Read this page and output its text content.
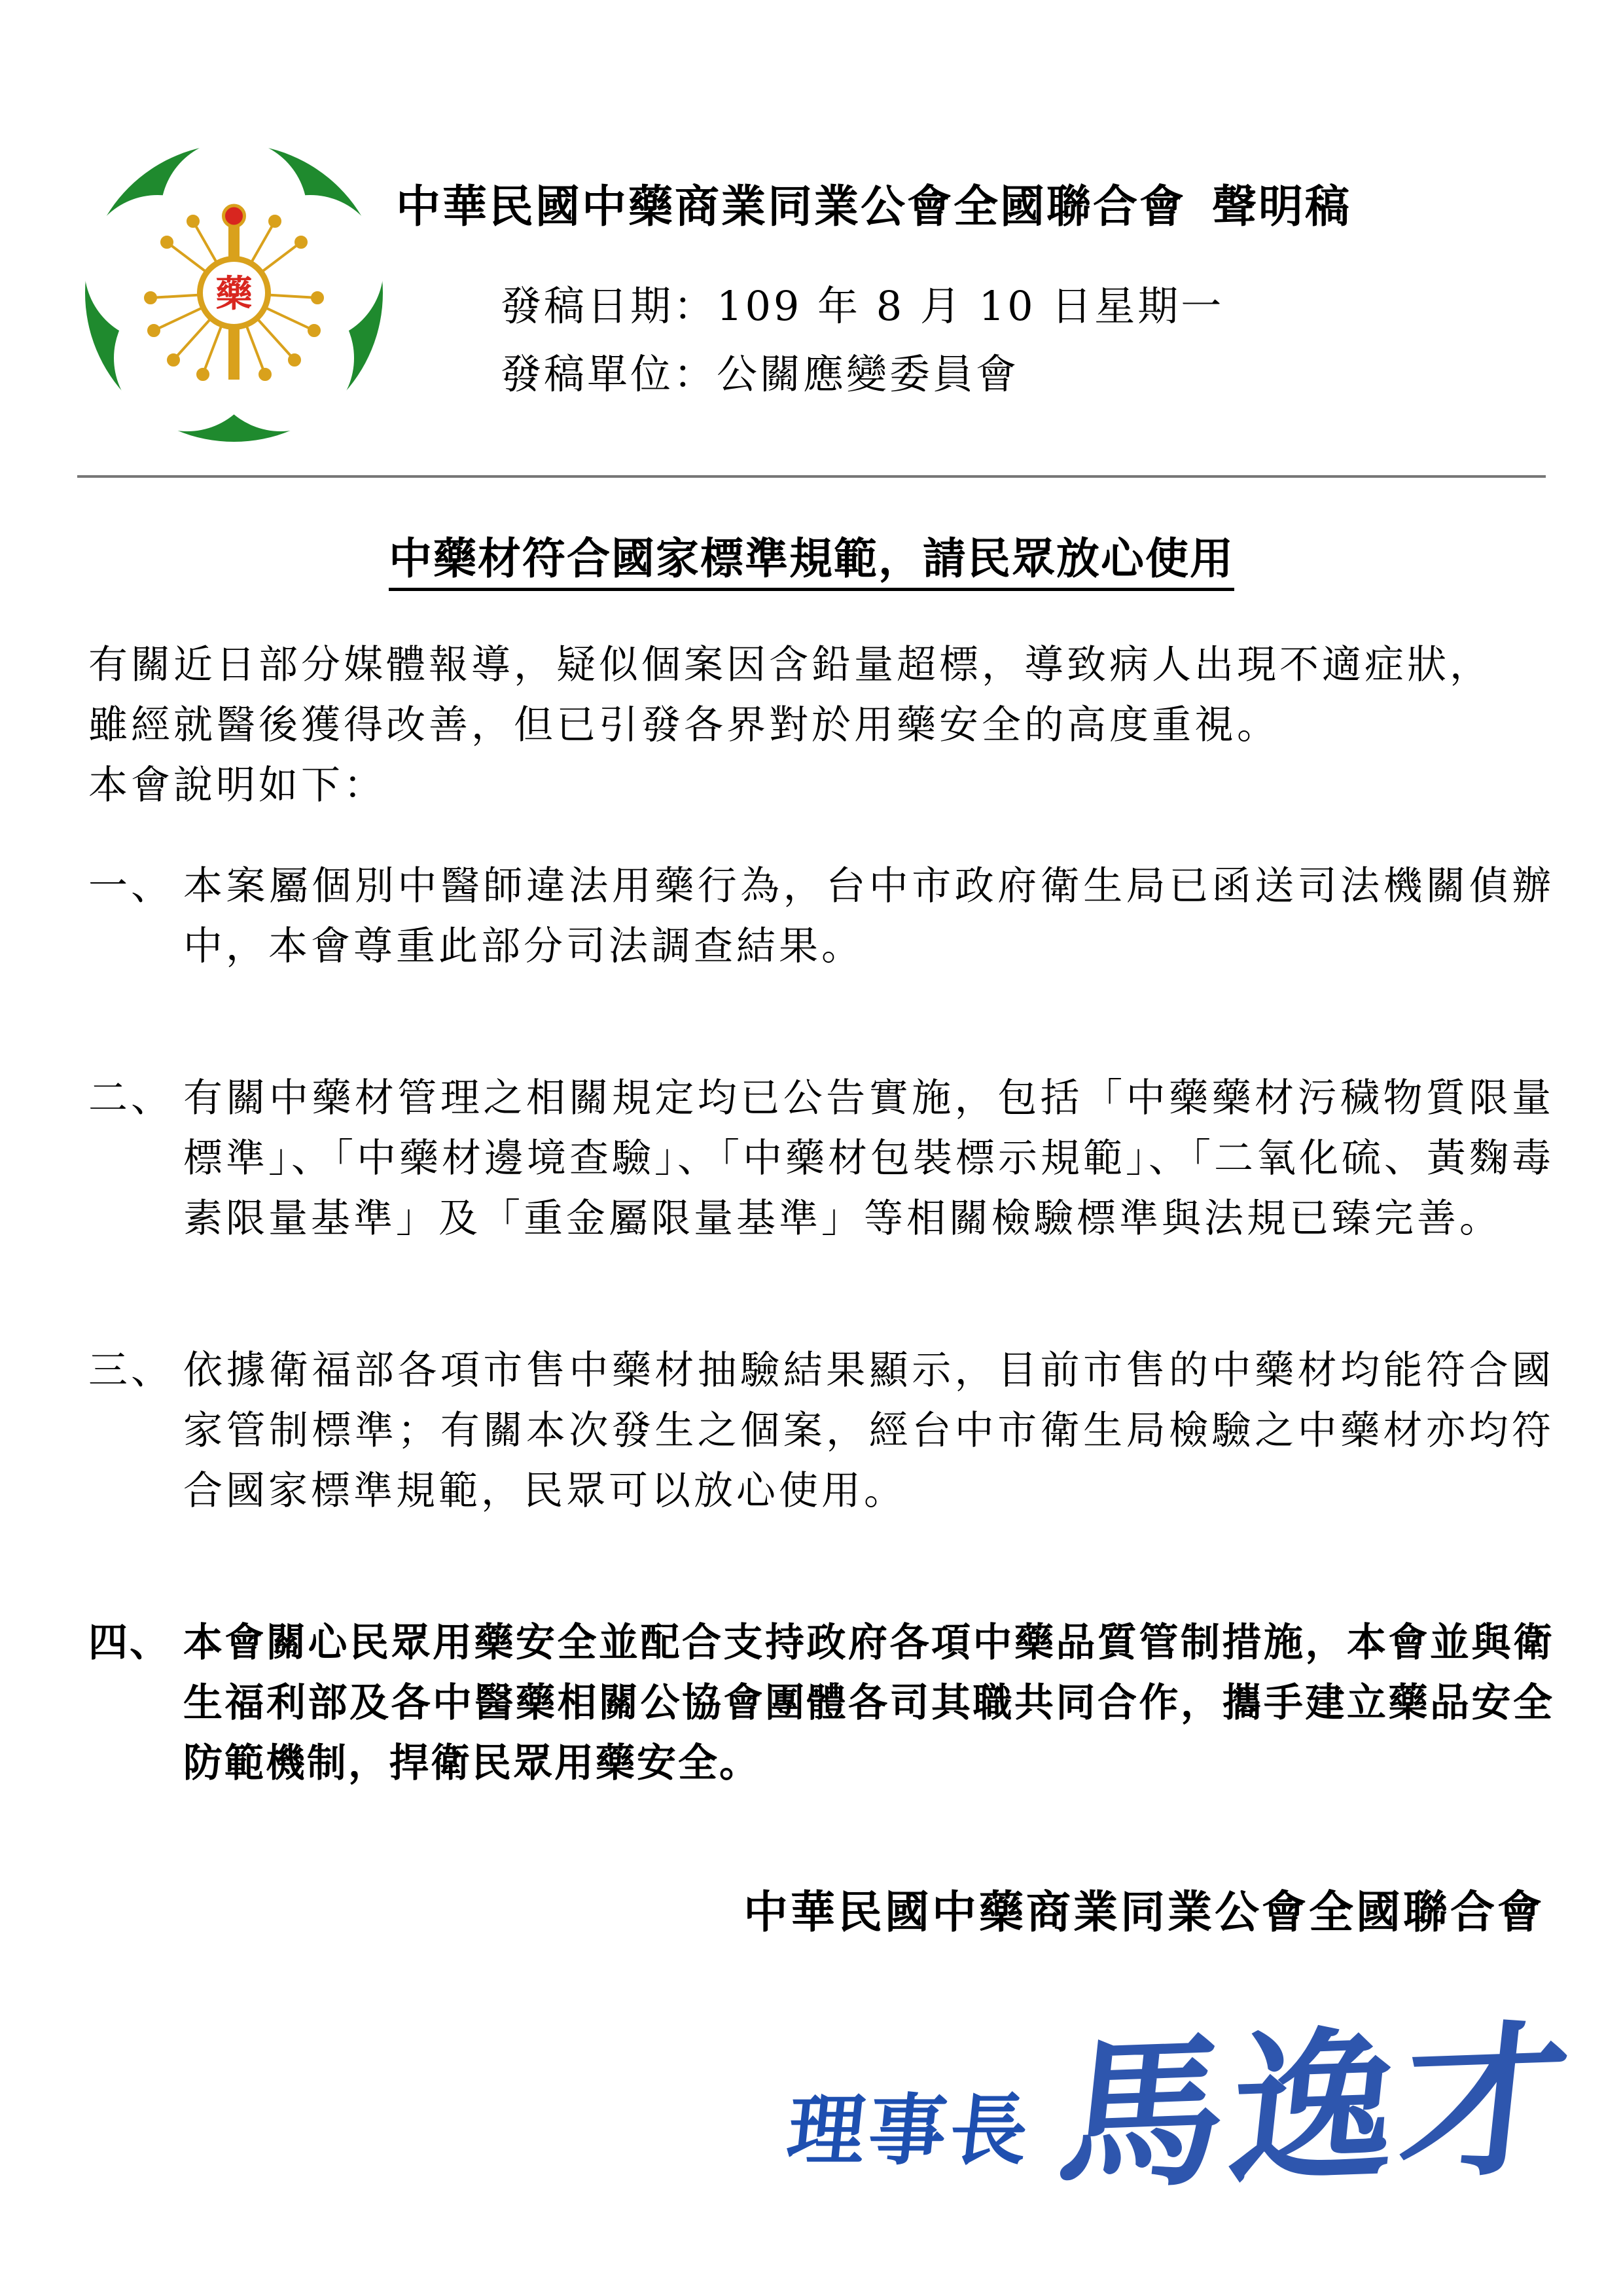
藥
中華民國中藥商業同業公會全國聯合會 聲明稿
發稿日期：109 年 8 月 10 日星期一
發稿單位：公關應變委員會
中藥材符合國家標準規範，請民眾放心使用

有關近日部分媒體報導，疑似個案因含鉛量超標，導致病人出現不適症狀，

雖經就醫後獲得改善，但已引發各界對於用藥安全的高度重視。

本會說明如下：

一、 本案屬個別中醫師違法用藥行為，台中市政府衛生局已函送司法機關偵辦中，本會尊重此部分司法調查結果。
二、 有關中藥材管理之相關規定均已公告實施，包括「中藥藥材污穢物質限量標準」、「中藥材邊境查驗」、「中藥材包裝標示規範」、「二氧化硫、黃麴毒素限量基準」及「重金屬限量基準」等相關檢驗標準與法規已臻完善。
三、 依據衛福部各項市售中藥材抽驗結果顯示，目前市售的中藥材均能符合國家管制標準；有關本次發生之個案，經台中市衛生局檢驗之中藥材亦均符合國家標準規範，民眾可以放心使用。
四、 本會關心民眾用藥安全並配合支持政府各項中藥品質管制措施，本會並與衛生福利部及各中醫藥相關公協會團體各司其職共同合作，攜手建立藥品安全防範機制，捍衛民眾用藥安全。
中華民國中藥商業同業公會全國聯合會
理事長 馬逸才
